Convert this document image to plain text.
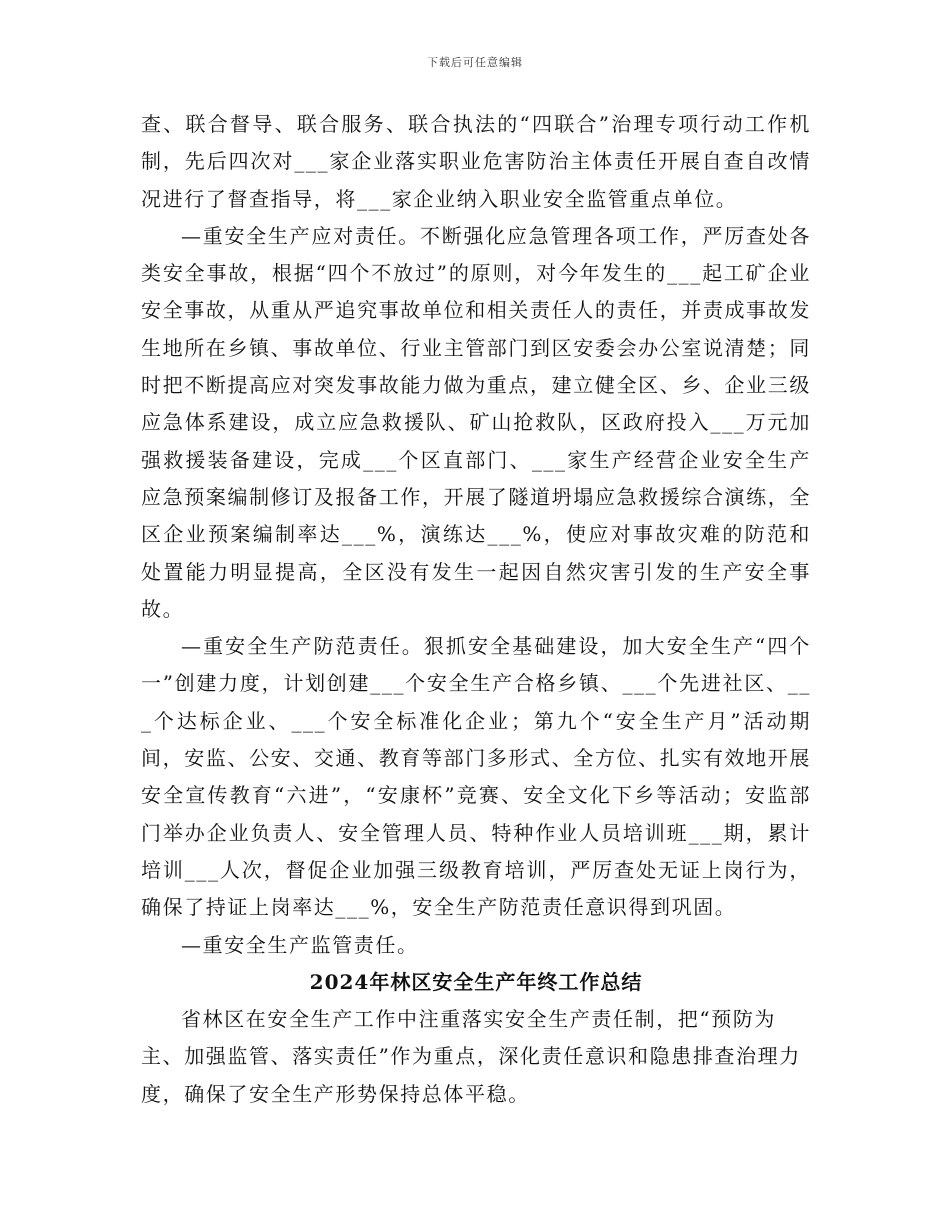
下载后可任意编辑

查、联合督导、联合服务、联合执法的“四联合”治理专项行动工作机制，先后四次对___家企业落实职业危害防治主体责任开展自查自改情况进行了督查指导，将___家企业纳入职业安全监管重点单位。

—重安全生产应对责任。不断强化应急管理各项工作，严厉查处各类安全事故，根据“四个不放过”的原则，对今年发生的___起工矿企业安全事故，从重从严追究事故单位和相关责任人的责任，并责成事故发生地所在乡镇、事故单位、行业主管部门到区安委会办公室说清楚；同时把不断提高应对突发事故能力做为重点，建立健全区、乡、企业三级应急体系建设，成立应急救援队、矿山抢救队，区政府投入___万元加强救援装备建设，完成___个区直部门、___家生产经营企业安全生产应急预案编制修订及报备工作，开展了隧道坍塌应急救援综合演练，全区企业预案编制率达___%，演练达___%，使应对事故灾难的防范和处置能力明显提高，全区没有发生一起因自然灾害引发的生产安全事故。

—重安全生产防范责任。狠抓安全基础建设，加大安全生产“四个一”创建力度，计划创建___个安全生产合格乡镇、___个先进社区、___个达标企业、___个安全标准化企业；第九个“安全生产月”活动期间，安监、公安、交通、教育等部门多形式、全方位、扎实有效地开展安全宣传教育“六进”，“安康杯”竞赛、安全文化下乡等活动；安监部门举办企业负责人、安全管理人员、特种作业人员培训班___期，累计培训___人次，督促企业加强三级教育培训，严厉查处无证上岗行为，确保了持证上岗率达___%，安全生产防范责任意识得到巩固。

—重安全生产监管责任。

2024年林区安全生产年终工作总结

省林区在安全生产工作中注重落实安全生产责任制，把“预防为主、加强监管、落实责任”作为重点，深化责任意识和隐患排查治理力度，确保了安全生产形势保持总体平稳。
